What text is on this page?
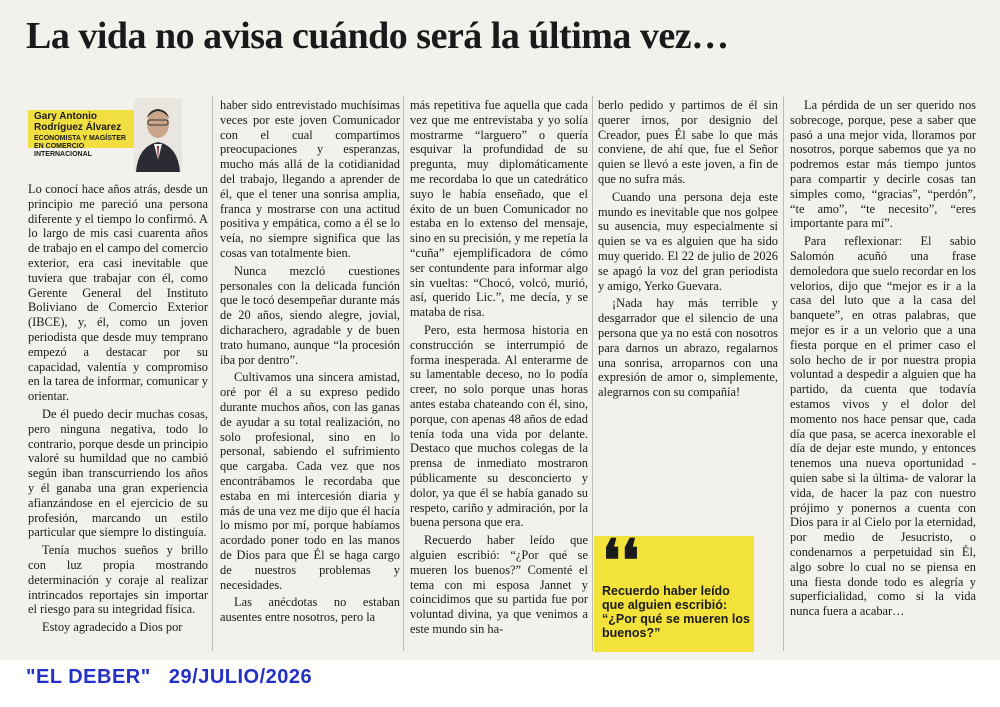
La vida no avisa cuándo será la última vez…
Gary Antonio Rodríguez Álvarez
ECONOMISTA Y MAGÍSTER EN COMERCIO INTERNACIONAL

Lo conocí hace años atrás, desde un principio me pareció una persona diferente y el tiempo lo confirmó. A lo largo de mis casi cuarenta años de trabajo en el campo del comercio exterior, era casi inevitable que tuviera que trabajar con él, como Gerente General del Instituto Boliviano de Comercio Exterior (IBCE), y, él, como un joven periodista que desde muy temprano empezó a destacar por su capacidad, valentía y compromiso en la tarea de informar, comunicar y orientar.

De él puedo decir muchas cosas, pero ninguna negativa, todo lo contrario, porque desde un principio valoré su humildad que no cambió según iban transcurriendo los años y él ganaba una gran experiencia afianzándose en el ejercicio de su profesión, marcando un estilo particular que siempre lo distinguía.

Tenía muchos sueños y brillo con luz propia mostrando determinación y coraje al realizar intrincados reportajes sin importar el riesgo para su integridad física.

Estoy agradecido a Dios por

haber sido entrevistado muchísimas veces por este joven Comunicador con el cual compartimos preocupaciones y esperanzas, mucho más allá de la cotidianidad del trabajo, llegando a aprender de él, que el tener una sonrisa amplia, franca y mostrarse con una actitud positiva y empática, como a él se lo veía, no siempre significa que las cosas van totalmente bien.

Nunca mezcló cuestiones personales con la delicada función que le tocó desempeñar durante más de 20 años, siendo alegre, jovial, dicharachero, agradable y de buen trato humano, aunque “la procesión iba por dentro”.

Cultivamos una sincera amistad, oré por él a su expreso pedido durante muchos años, con las ganas de ayudar a su total realización, no solo profesional, sino en lo personal, sabiendo el sufrimiento que cargaba. Cada vez que nos encontrábamos le recordaba que estaba en mi intercesión diaria y más de una vez me dijo que él hacía lo mismo por mí, porque habíamos acordado poner todo en las manos de Dios para que Él se haga cargo de nuestros problemas y necesidades.

Las anécdotas no estaban ausentes entre nosotros, pero la

más repetitiva fue aquella que cada vez que me entrevistaba y yo solía mostrarme “larguero” o quería esquivar la profundidad de su pregunta, muy diplomáticamente me recordaba lo que un catedrático suyo le había enseñado, que el éxito de un buen Comunicador no estaba en lo extenso del mensaje, sino en su precisión, y me repetía la “cuña” ejemplificadora de cómo ser contundente para informar algo sin vueltas: “Chocó, volcó, murió, así, querido Lic.”, me decía, y se mataba de risa.

Pero, esta hermosa historia en construcción se interrumpió de forma inesperada. Al enterarme de su lamentable deceso, no lo podía creer, no solo porque unas horas antes estaba chateando con él, sino, porque, con apenas 48 años de edad tenía toda una vida por delante. Destaco que muchos colegas de la prensa de inmediato mostraron públicamente su desconcierto y dolor, ya que él se había ganado su respeto, cariño y admiración, por la buena persona que era.

Recuerdo haber leído que alguien escribió: “¿Por qué se mueren los buenos?” Comenté el tema con mi esposa Jannet y coincidimos que su partida fue por voluntad divina, ya que venimos a este mundo sin ha-

berlo pedido y partimos de él sin querer irnos, por designio del Creador, pues Él sabe lo que más conviene, de ahí que, fue el Señor quien se llevó a este joven, a fin de que no sufra más.

Cuando una persona deja este mundo es inevitable que nos golpee su ausencia, muy especialmente si quien se va es alguien que ha sido muy querido. El 22 de julio de 2026 se apagó la voz del gran periodista y amigo, Yerko Guevara.

¡Nada hay más terrible y desgarrador que el silencio de una persona que ya no está con nosotros para darnos un abrazo, regalarnos una sonrisa, arroparnos con una expresión de amor o, simplemente, alegrarnos con su compañía!

❛❛
Recuerdo haber leído que alguien escribió: “¿Por qué se mueren los buenos?”

La pérdida de un ser querido nos sobrecoge, porque, pese a saber que pasó a una mejor vida, lloramos por nosotros, porque sabemos que ya no podremos estar más tiempo juntos para compartir y decirle cosas tan simples como, “gracias”, “perdón”, “te amo”, “te necesito”, “eres importante para mí”.

Para reflexionar: El sabio Salomón acuñó una frase demoledora que suelo recordar en los velorios, dijo que “mejor es ir a la casa del luto que a la casa del banquete”, en otras palabras, que mejor es ir a un velorio que a una fiesta porque en el primer caso el solo hecho de ir por nuestra propia voluntad a despedir a alguien que ha partido, da cuenta que todavía estamos vivos y el dolor del momento nos hace pensar que, cada día que pasa, se acerca inexorable el día de dejar este mundo, y entonces tenemos una nueva oportunidad -quien sabe si la última- de valorar la vida, de hacer la paz con nuestro prójimo y ponernos a cuenta con Dios para ir al Cielo por la eternidad, por medio de Jesucristo, o condenarnos a perpetuidad sin Él, algo sobre lo cual no se piensa en una fiesta donde todo es alegría y superficialidad, como si la vida nunca fuera a acabar…

"EL DEBER" 29/JULIO/2026
